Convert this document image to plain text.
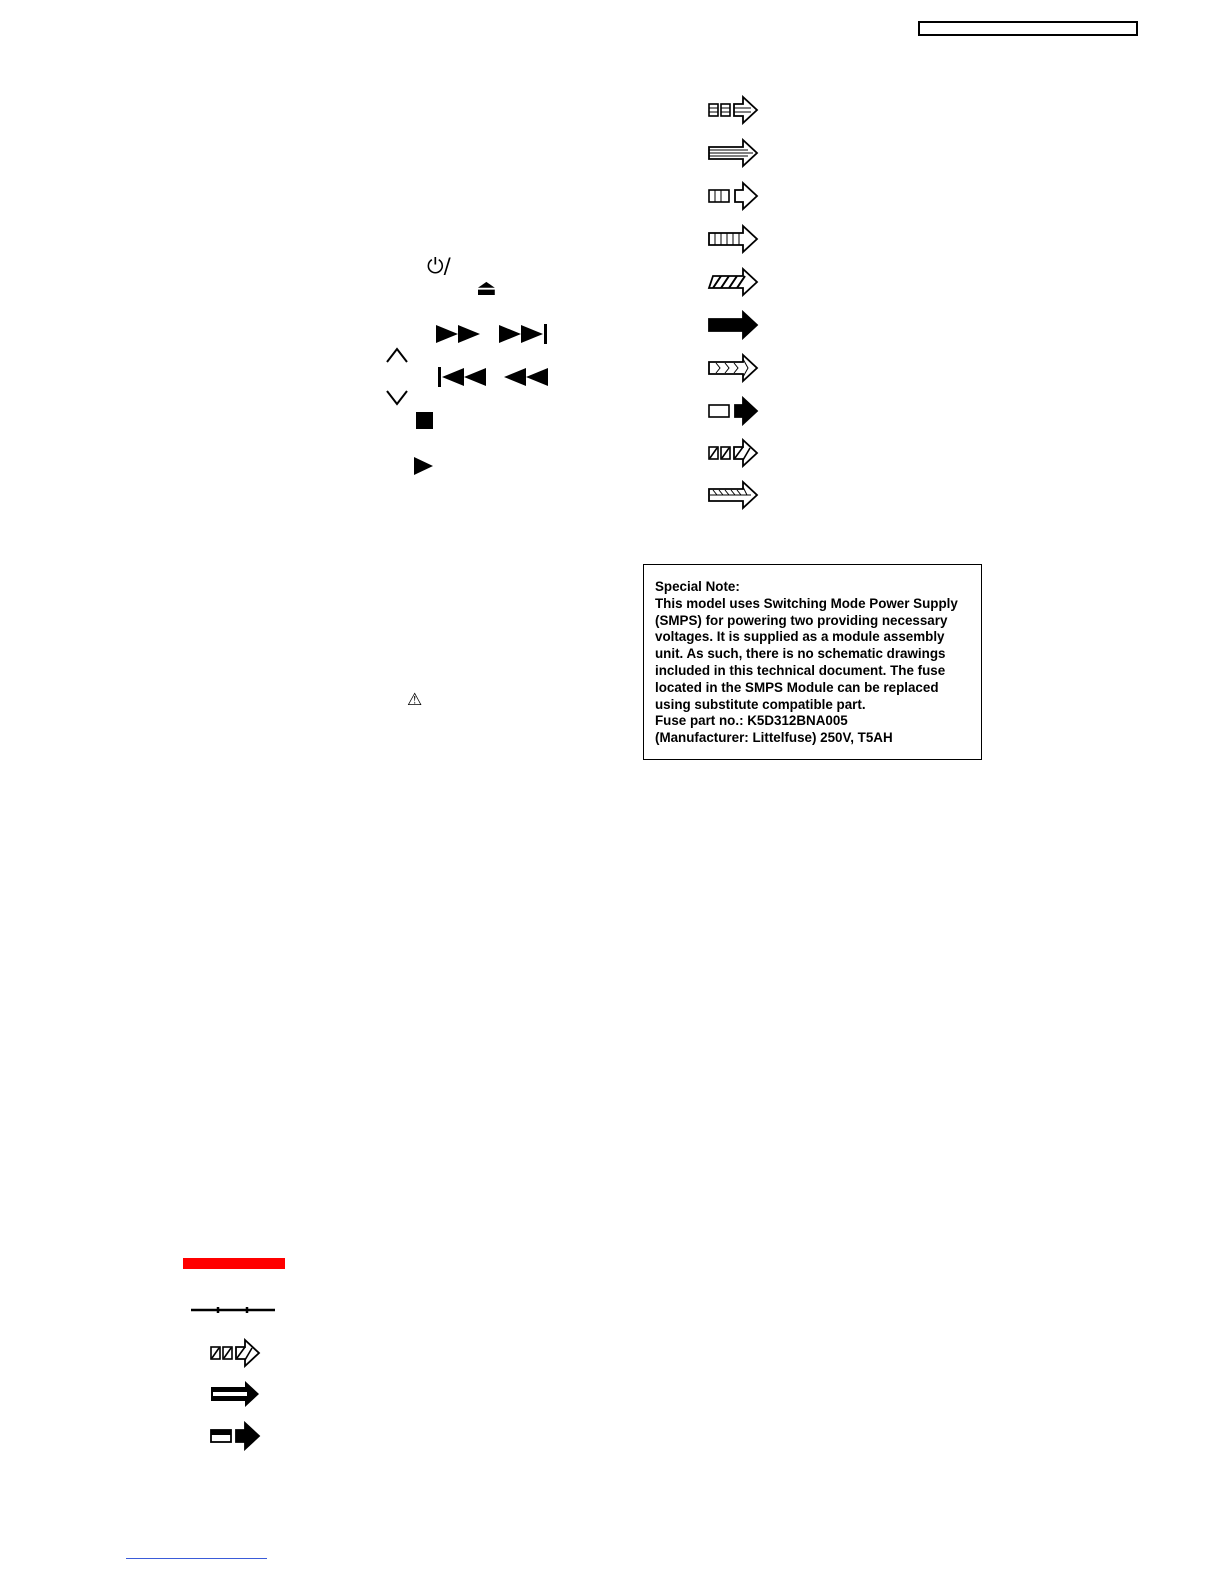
⏻/
⏏
⚠
Special Note:
This model uses Switching Mode Power Supply
(SMPS) for powering two providing necessary
voltages. It is supplied as a module assembly
unit. As such, there is no schematic drawings
included in this technical document. The fuse
located in the SMPS Module can be replaced
using substitute compatible part.
Fuse part no.: K5D312BNA005
(Manufacturer: Littelfuse) 250V, T5AH
